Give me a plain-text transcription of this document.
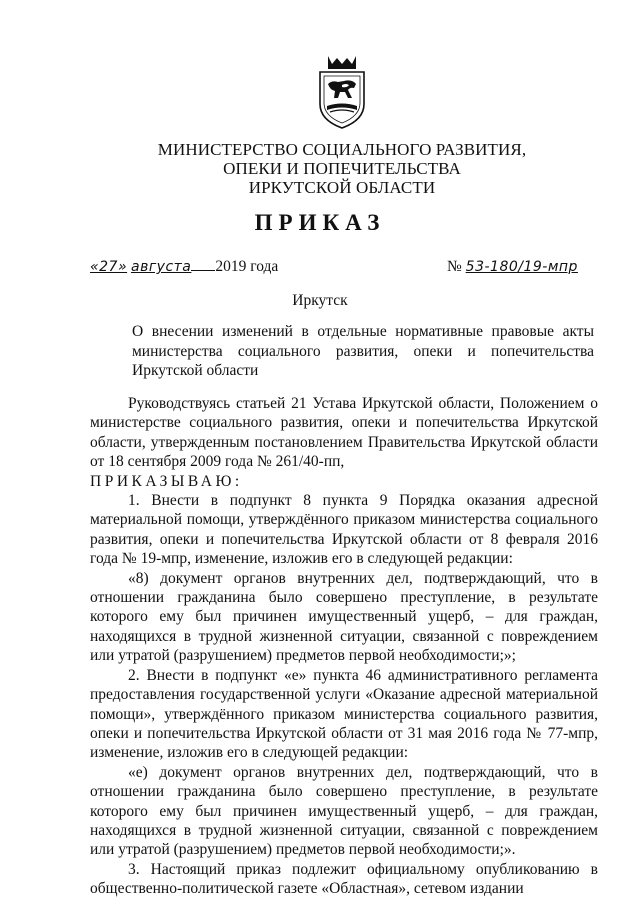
МИНИСТЕРСТВО СОЦИАЛЬНОГО РАЗВИТИЯ,
ОПЕКИ И ПОПЕЧИТЕЛЬСТВА
ИРКУТСКОЙ ОБЛАСТИ
ПРИКАЗ
«27» августа 2019 года	№ 53-180/19-мпр
Иркутск
О внесении изменений в отдельные нормативные правовые акты министерства социального развития, опеки и попечительства Иркутской области

Руководствуясь статьей 21 Устава Иркутской области, Положением о министерстве социального развития, опеки и попечительства Иркутской области, утвержденным постановлением Правительства Иркутской области от 18 сентября 2009 года № 261/40-пп,

ПРИКАЗЫВАЮ:

1. Внести в подпункт 8 пункта 9 Порядка оказания адресной материальной помощи, утверждённого приказом министерства социального развития, опеки и попечительства Иркутской области от 8 февраля 2016 года № 19-мпр, изменение, изложив его в следующей редакции:

«8) документ органов внутренних дел, подтверждающий, что в отношении гражданина было совершено преступление, в результате которого ему был причинен имущественный ущерб, – для граждан, находящихся в трудной жизненной ситуации, связанной с повреждением или утратой (разрушением) предметов первой необходимости;»;

2. Внести в подпункт «е» пункта 46 административного регламента предоставления государственной услуги «Оказание адресной материальной помощи», утверждённого приказом министерства социального развития, опеки и попечительства Иркутской области от 31 мая 2016 года № 77-мпр, изменение, изложив его в следующей редакции:

«е) документ органов внутренних дел, подтверждающий, что в отношении гражданина было совершено преступление, в результате которого ему был причинен имущественный ущерб, – для граждан, находящихся в трудной жизненной ситуации, связанной с повреждением или утратой (разрушением) предметов первой необходимости;».

3. Настоящий приказ подлежит официальному опубликованию в общественно-политической газете «Областная», сетевом издании
